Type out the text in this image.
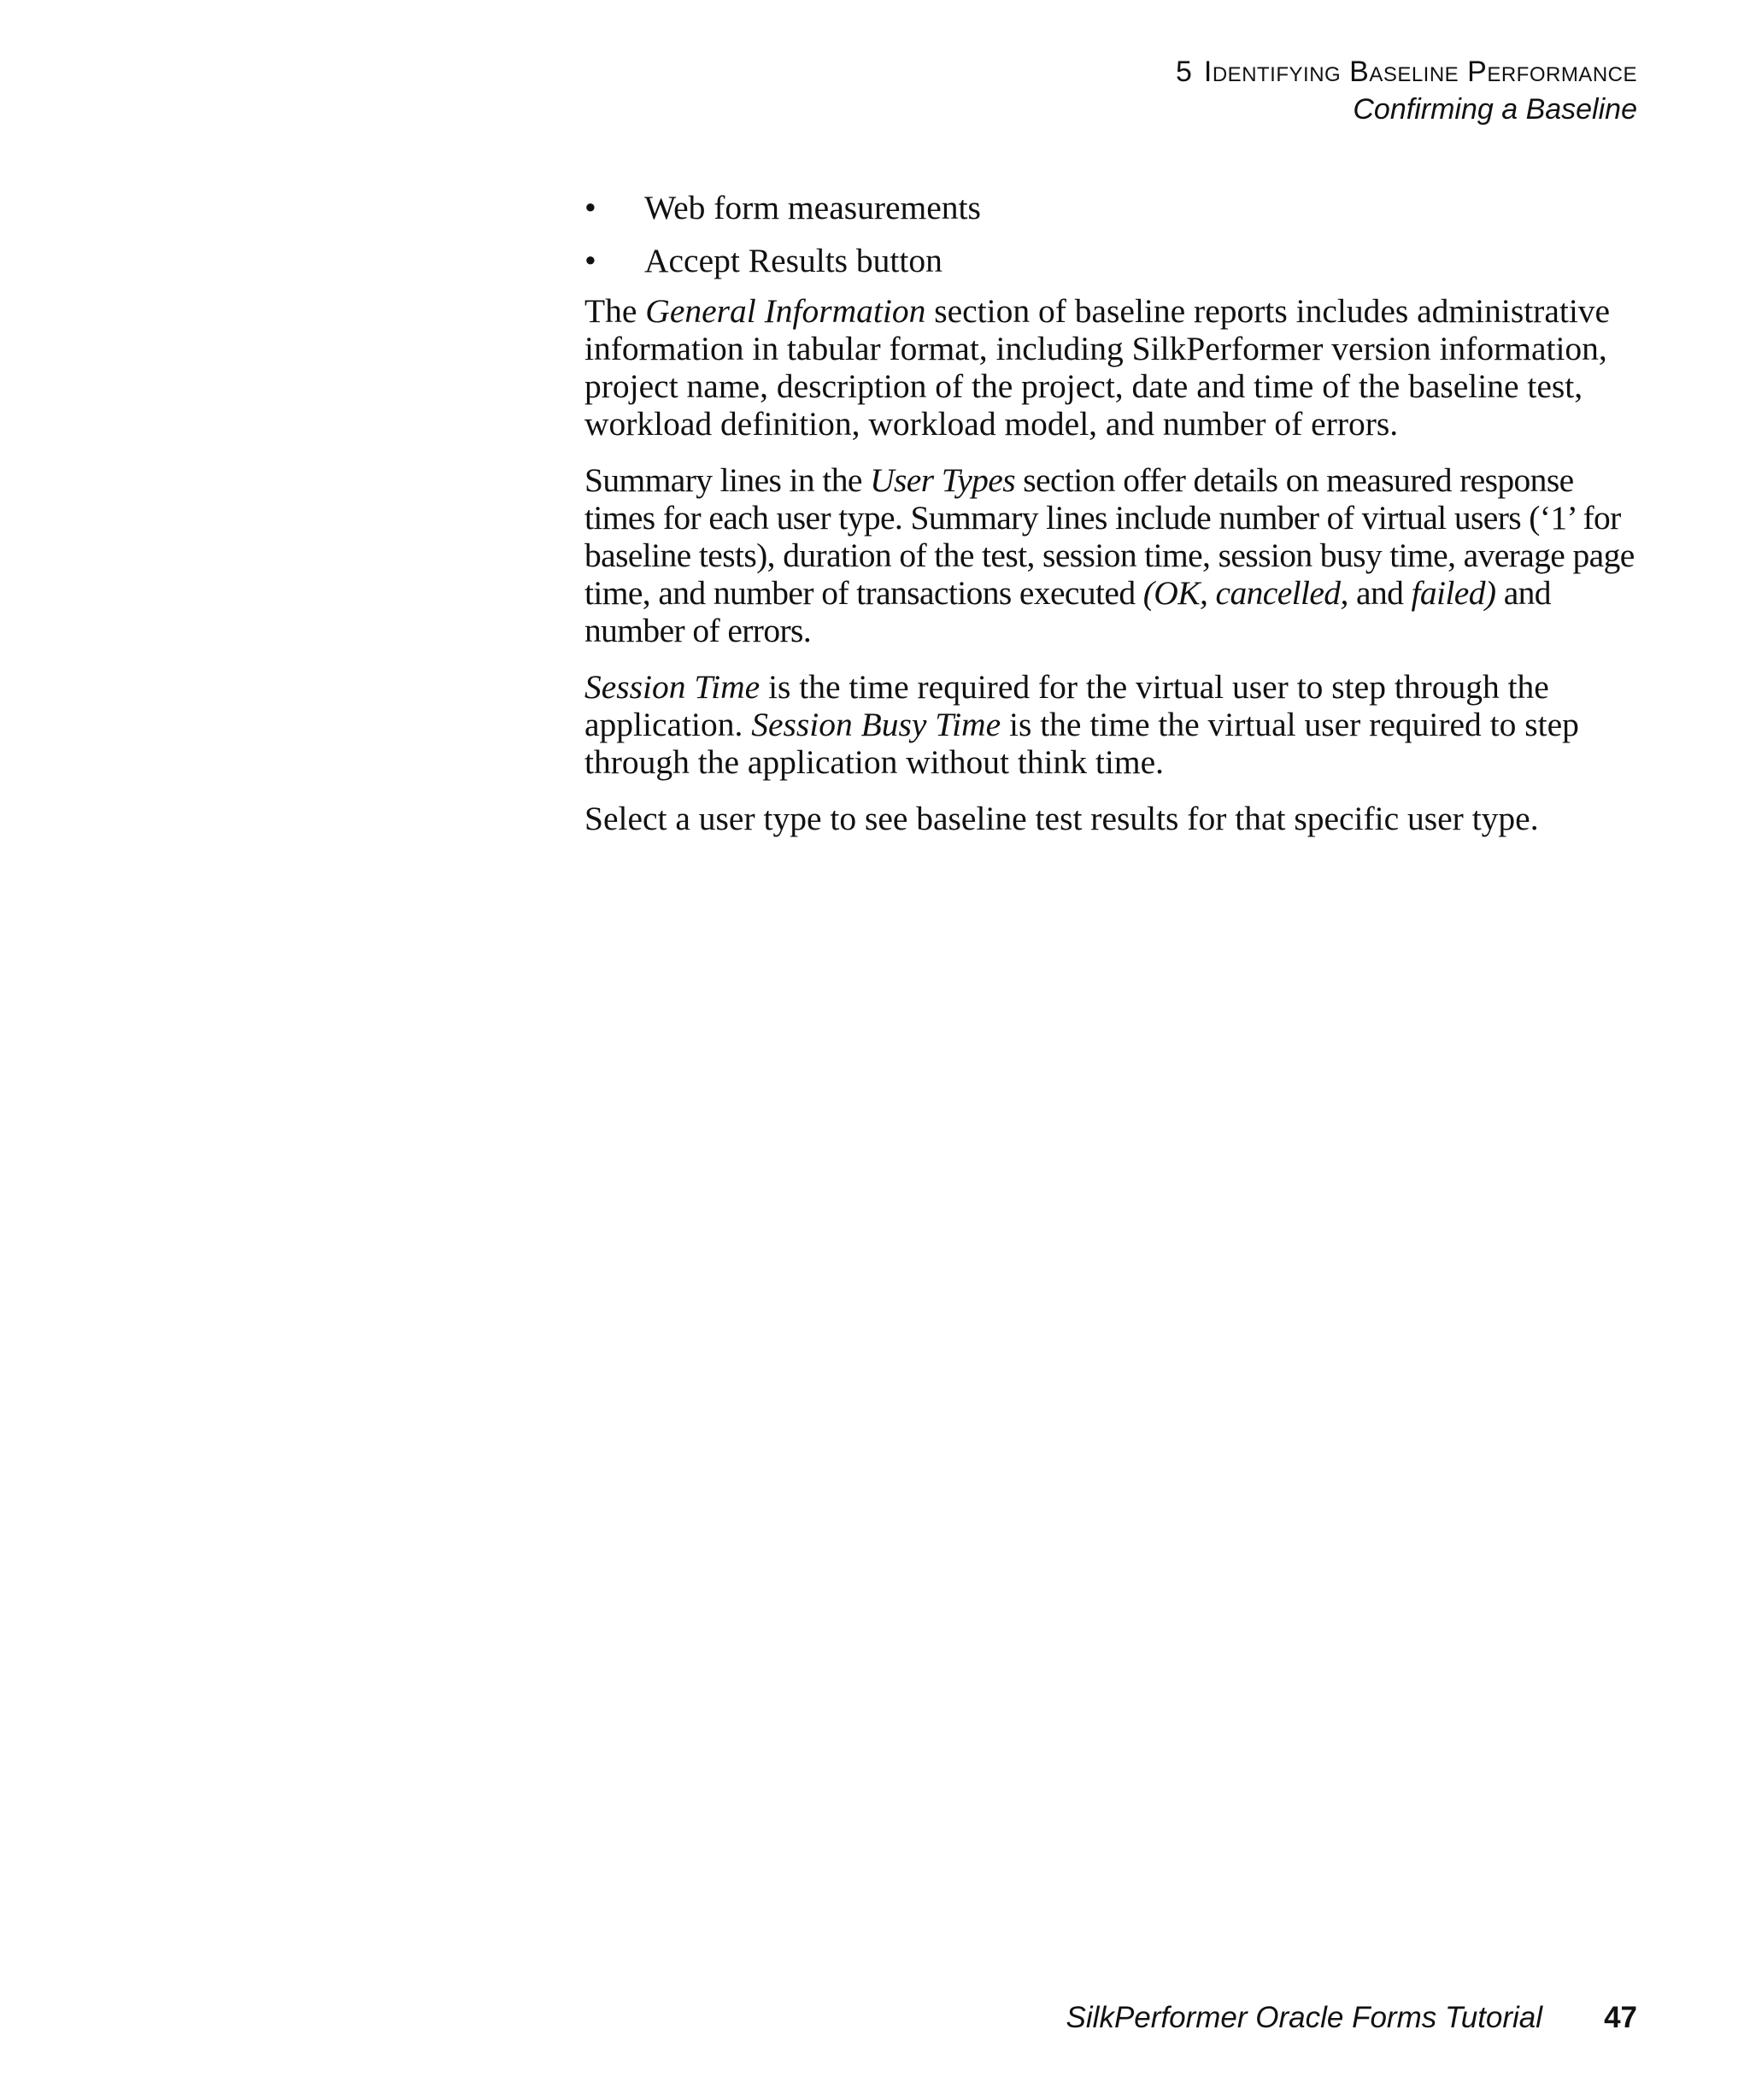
5 Identifying Baseline Performance
Confirming a Baseline
• Web form measurements
• Accept Results button

The General Information section of baseline reports includes administrative information in tabular format, including SilkPerformer version information, project name, description of the project, date and time of the baseline test, workload definition, workload model, and number of errors.

Summary lines in the User Types section offer details on measured response times for each user type. Summary lines include number of virtual users (‘1’ for baseline tests), duration of the test, session time, session busy time, average page time, and number of transactions executed (OK, cancelled, and failed) and number of errors.

Session Time is the time required for the virtual user to step through the application. Session Busy Time is the time the virtual user required to step through the application without think time.

Select a user type to see baseline test results for that specific user type.

SilkPerformer Oracle Forms Tutorial 47
